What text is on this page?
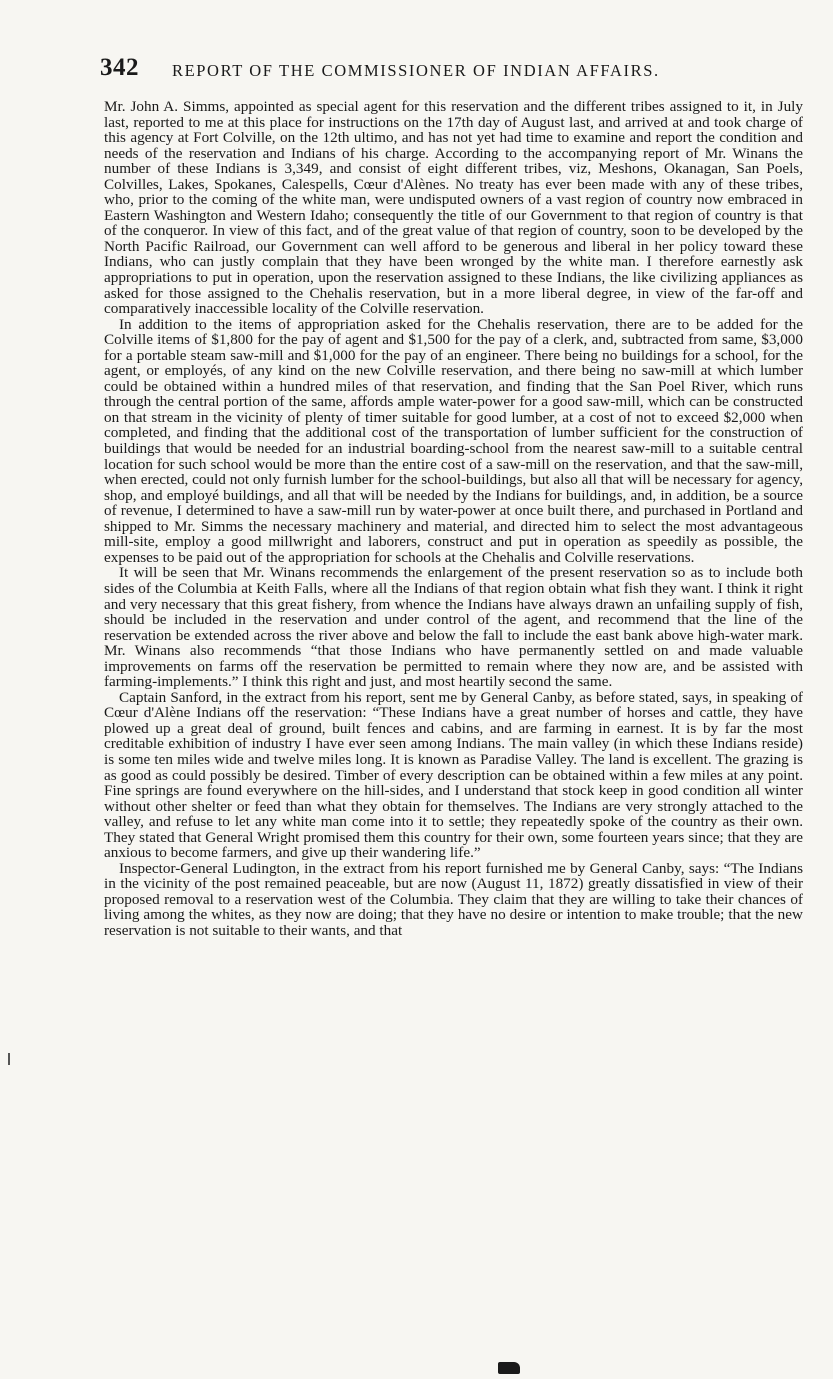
342 REPORT OF THE COMMISSIONER OF INDIAN AFFAIRS.

Mr. John A. Simms, appointed as special agent for this reservation and the different tribes assigned to it, in July last, reported to me at this place for instructions on the 17th day of August last, and arrived at and took charge of this agency at Fort Colville, on the 12th ultimo, and has not yet had time to examine and report the condition and needs of the reservation and Indians of his charge. According to the accompanying report of Mr. Winans the number of these Indians is 3,349, and consist of eight different tribes, viz, Meshons, Okanagan, San Poels, Colvilles, Lakes, Spokanes, Calespells, Cœur d'Alènes. No treaty has ever been made with any of these tribes, who, prior to the coming of the white man, were undisputed owners of a vast region of country now embraced in Eastern Washington and Western Idaho; consequently the title of our Government to that region of country is that of the conqueror. In view of this fact, and of the great value of that region of country, soon to be developed by the North Pacific Railroad, our Government can well afford to be generous and liberal in her policy toward these Indians, who can justly complain that they have been wronged by the white man. I therefore earnestly ask appropriations to put in operation, upon the reservation assigned to these Indians, the like civilizing appliances as asked for those assigned to the Chehalis reservation, but in a more liberal degree, in view of the far-off and comparatively inaccessible locality of the Colville reservation.

In addition to the items of appropriation asked for the Chehalis reservation, there are to be added for the Colville items of $1,800 for the pay of agent and $1,500 for the pay of a clerk, and, subtracted from same, $3,000 for a portable steam saw-mill and $1,000 for the pay of an engineer. There being no buildings for a school, for the agent, or employés, of any kind on the new Colville reservation, and there being no saw-mill at which lumber could be obtained within a hundred miles of that reservation, and finding that the San Poel River, which runs through the central portion of the same, affords ample water-power for a good saw-mill, which can be constructed on that stream in the vicinity of plenty of timer suitable for good lumber, at a cost of not to exceed $2,000 when completed, and finding that the additional cost of the transportation of lumber sufficient for the construction of buildings that would be needed for an industrial boarding-school from the nearest saw-mill to a suitable central location for such school would be more than the entire cost of a saw-mill on the reservation, and that the saw-mill, when erected, could not only furnish lumber for the school-buildings, but also all that will be necessary for agency, shop, and employé buildings, and all that will be needed by the Indians for buildings, and, in addition, be a source of revenue, I determined to have a saw-mill run by water-power at once built there, and purchased in Portland and shipped to Mr. Simms the necessary machinery and material, and directed him to select the most advantageous mill-site, employ a good millwright and laborers, construct and put in operation as speedily as possible, the expenses to be paid out of the appropriation for schools at the Chehalis and Colville reservations.

It will be seen that Mr. Winans recommends the enlargement of the present reservation so as to include both sides of the Columbia at Keith Falls, where all the Indians of that region obtain what fish they want. I think it right and very necessary that this great fishery, from whence the Indians have always drawn an unfailing supply of fish, should be included in the reservation and under control of the agent, and recommend that the line of the reservation be extended across the river above and below the fall to include the east bank above high-water mark. Mr. Winans also recommends “that those Indians who have permanently settled on and made valuable improvements on farms off the reservation be permitted to remain where they now are, and be assisted with farming-implements.” I think this right and just, and most heartily second the same.

Captain Sanford, in the extract from his report, sent me by General Canby, as before stated, says, in speaking of Cœur d'Alène Indians off the reservation: “These Indians have a great number of horses and cattle, they have plowed up a great deal of ground, built fences and cabins, and are farming in earnest. It is by far the most creditable exhibition of industry I have ever seen among Indians. The main valley (in which these Indians reside) is some ten miles wide and twelve miles long. It is known as Paradise Valley. The land is excellent. The grazing is as good as could possibly be desired. Timber of every description can be obtained within a few miles at any point. Fine springs are found everywhere on the hill-sides, and I understand that stock keep in good condition all winter without other shelter or feed than what they obtain for themselves. The Indians are very strongly attached to the valley, and refuse to let any white man come into it to settle; they repeatedly spoke of the country as their own. They stated that General Wright promised them this country for their own, some fourteen years since; that they are anxious to become farmers, and give up their wandering life.”

Inspector-General Ludington, in the extract from his report furnished me by General Canby, says: “The Indians in the vicinity of the post remained peaceable, but are now (August 11, 1872) greatly dissatisfied in view of their proposed removal to a reservation west of the Columbia. They claim that they are willing to take their chances of living among the whites, as they now are doing; that they have no desire or intention to make trouble; that the new reservation is not suitable to their wants, and that
